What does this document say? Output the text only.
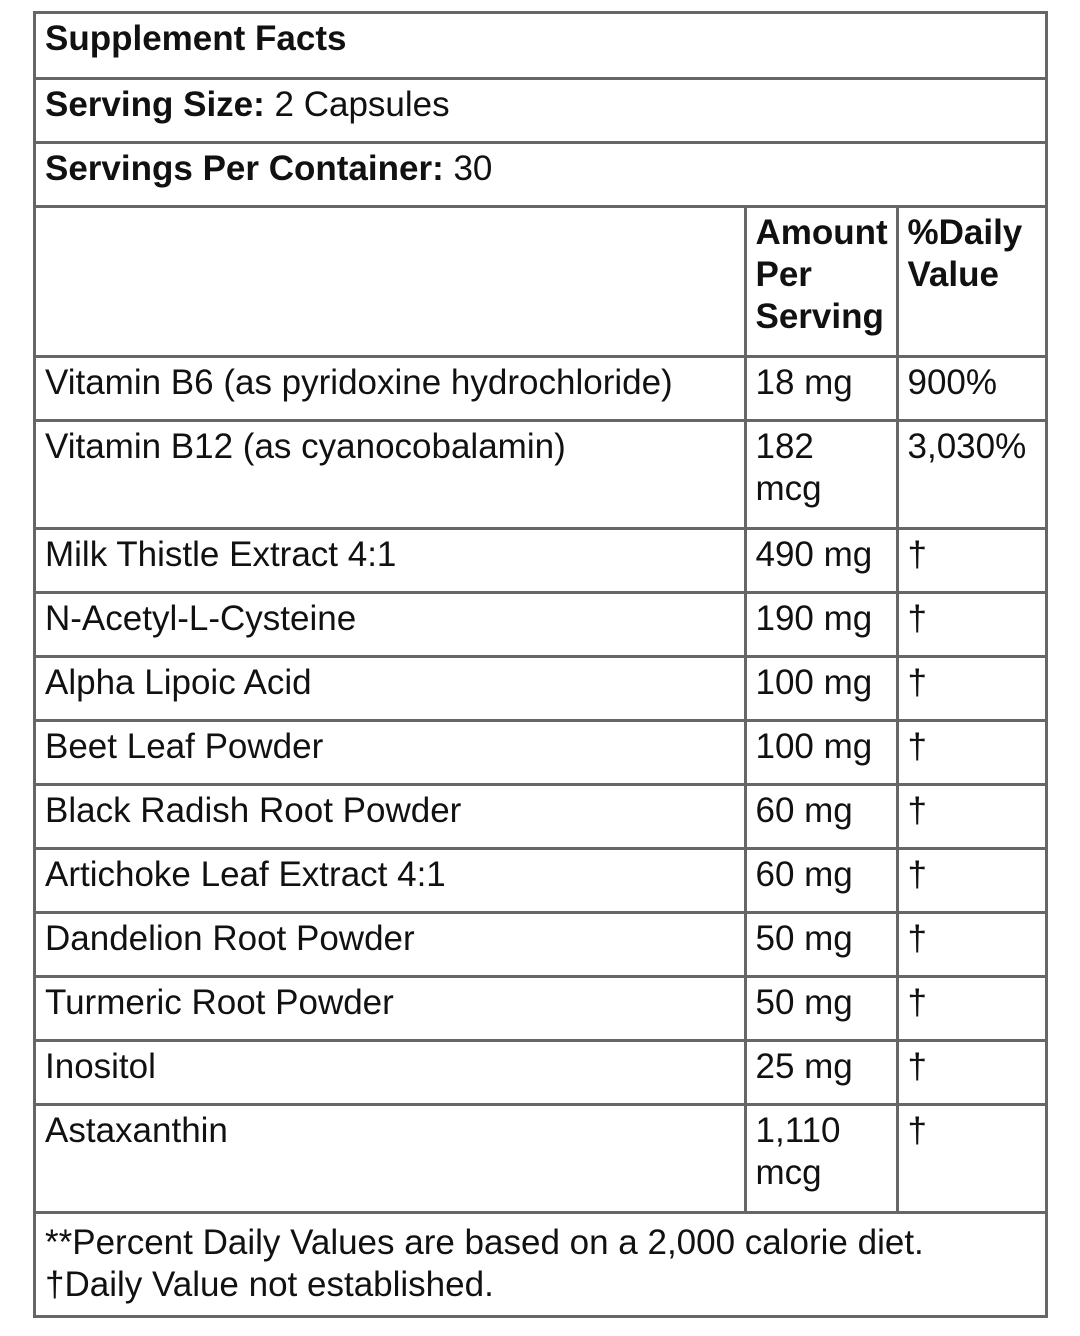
Supplement Facts		
Serving Size: 2 Capsules		
Servings Per Container: 30		
	Amount Per Serving	%Daily Value
Vitamin B6 (as pyridoxine hydrochloride)	18 mg	900%
Vitamin B12 (as cyanocobalamin)	182 mcg	3,030%
Milk Thistle Extract 4:1	490 mg	†
N-Acetyl-L-Cysteine	190 mg	†
Alpha Lipoic Acid	100 mg	†
Beet Leaf Powder	100 mg	†
Black Radish Root Powder	60 mg	†
Artichoke Leaf Extract 4:1	60 mg	†
Dandelion Root Powder	50 mg	†
Turmeric Root Powder	50 mg	†
Inositol	25 mg	†
Astaxanthin	1,110 mcg	†

**Percent Daily Values are based on a 2,000 calorie diet.
†Daily Value not established.		
